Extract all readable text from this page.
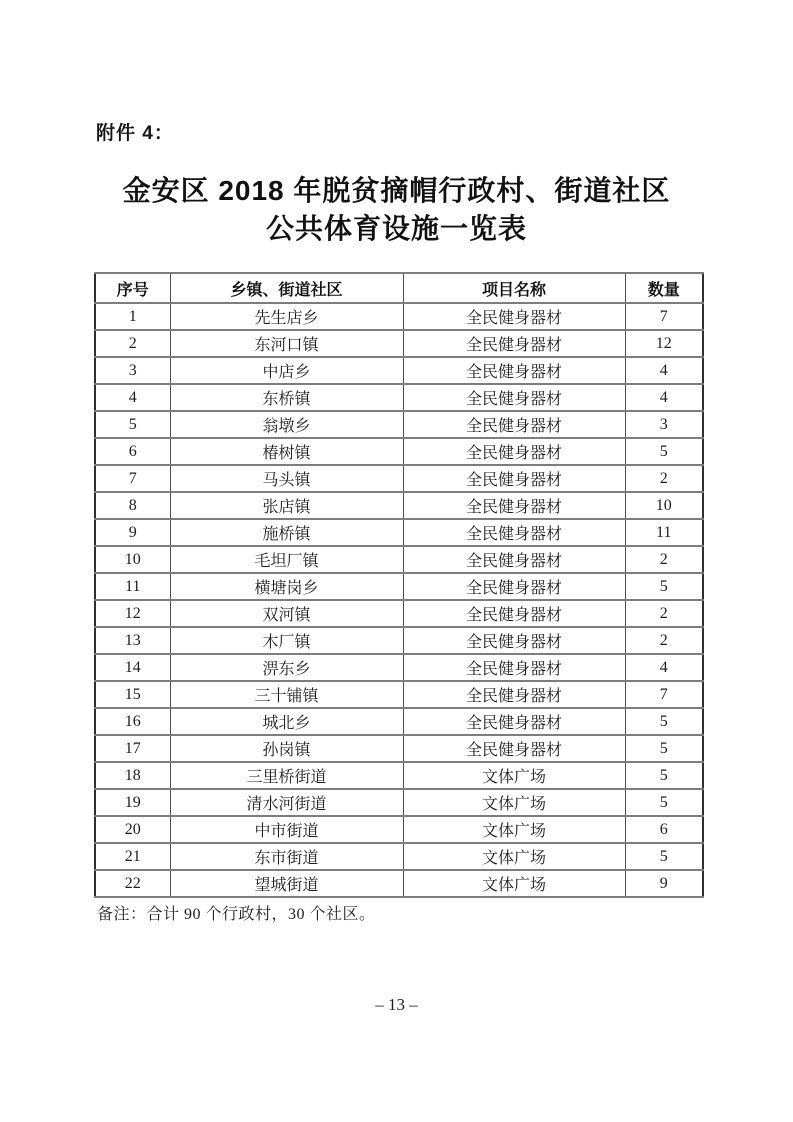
附件 4：
金安区 2018 年脱贫摘帽行政村、街道社区
公共体育设施一览表
序号	乡镇、街道社区	项目名称	数量
1	先生店乡	全民健身器材	7
2	东河口镇	全民健身器材	12
3	中店乡	全民健身器材	4
4	东桥镇	全民健身器材	4
5	翁墩乡	全民健身器材	3
6	椿树镇	全民健身器材	5
7	马头镇	全民健身器材	2
8	张店镇	全民健身器材	10
9	施桥镇	全民健身器材	11
10	毛坦厂镇	全民健身器材	2
11	横塘岗乡	全民健身器材	5
12	双河镇	全民健身器材	2
13	木厂镇	全民健身器材	2
14	淠东乡	全民健身器材	4
15	三十铺镇	全民健身器材	7
16	城北乡	全民健身器材	5
17	孙岗镇	全民健身器材	5
18	三里桥街道	文体广场	5
19	清水河街道	文体广场	5
20	中市街道	文体广场	6
21	东市街道	文体广场	5
22	望城街道	文体广场	9
备注：合计 90 个行政村，30 个社区。
– 13 –
